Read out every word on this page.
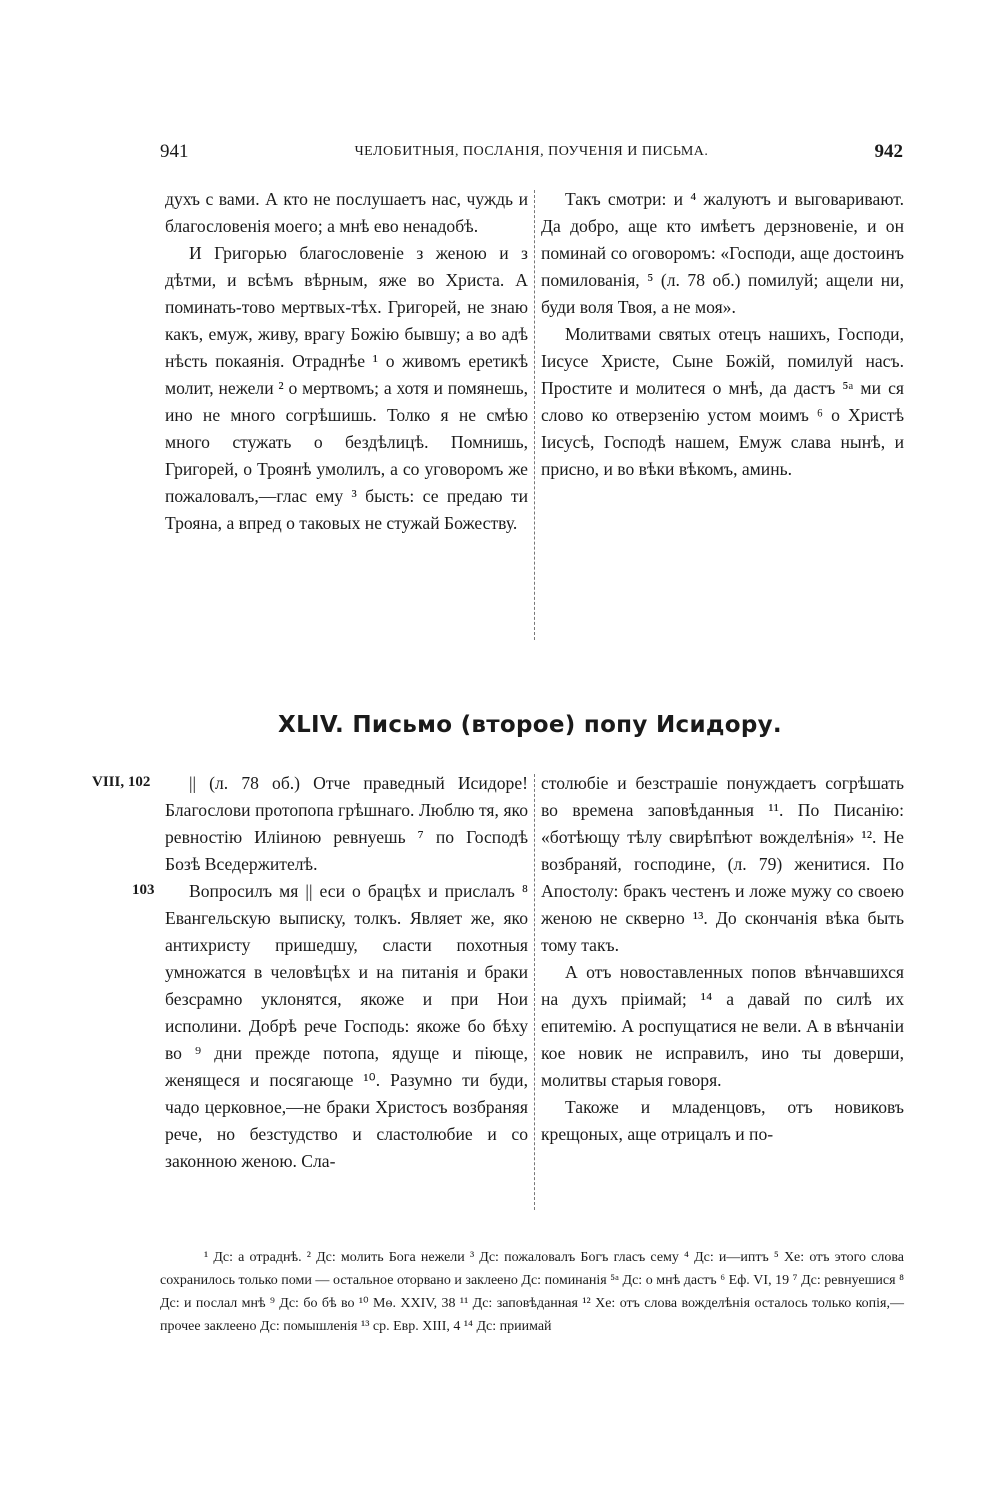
941	ЧЕЛОБИТНЫЯ, ПОСЛАНІЯ, ПОУЧЕНІЯ И ПИСЬМА.	942

духъ с вами. А кто не послушаетъ нас, чуждь и благословенія моего; а мнѣ ево ненадобѣ.

И Григорью благословеніе з женою и з дѣтми, и всѣмъ вѣрным, яже во Христа. А поминать-тово мертвых-тѣх. Григорей, не знаю какъ, емуж, живу, врагу Божію бывшу; а во адѣ нѣсть покаянія. Отраднѣе ¹ о живомъ еретикѣ молит, нежели ² о мертвомъ; а хотя и помянешь, ино не много согрѣшишь. Толко я не смѣю много стужать о бездѣлицѣ. Помнишь, Григорей, о Троянѣ умолилъ, а со уговоромъ же пожаловалъ,—глас ему ³ бысть: се предаю ти Трояна, а впред о таковых не стужай Божеству.

Такъ смотри: и ⁴ жалуютъ и выговаривают. Да добро, аще кто имѣетъ дерзновеніе, и он поминай со оговоромъ: «Господи, аще достоинъ помилованія, ⁵ (л. 78 об.) помилуй; ащели ни, буди воля Твоя, а не моя».

Молитвами святых отецъ нашихъ, Господи, Іисусе Христе, Сыне Божій, помилуй насъ. Простите и молитеся о мнѣ, да дастъ ⁵ᵃ ми ся слово ко отверзенію устом моимъ ⁶ о Христѣ Іисусѣ, Господѣ нашем, Емуж слава нынѣ, и присно, и во вѣки вѣкомъ, аминь.

XLIV. Письмо (второе) попу Исидору.
VIII, 102
103

|| (л. 78 об.) Отче праведный Исидоре! Благослови протопопа грѣшнаго. Люблю тя, яко ревностію Иліиною ревнуешь ⁷ по Господѣ Бозѣ Вседержителѣ.

Вопросилъ мя || еси о брацѣх и прислалъ ⁸ Евангельскую выписку, толкъ. Являет же, яко антихристу пришедшу, сласти похотныя умножатся в человѣцѣх и на питанія и браки безсрамно уклонятся, якоже и при Нои исполини. Добрѣ рече Господь: якоже бо бѣху во ⁹ дни прежде потопа, ядуще и піюще, женящеся и посягающе ¹⁰. Разумно ти буди, чадо церковное,—не браки Христосъ возбраняя рече, но безстудство и сластолюбие и со законною женою. Сла-

столюбіе и безстрашіе понуждаетъ согрѣшать во времена заповѣданныя ¹¹. По Писанію: «ботѣющу тѣлу свирѣпѣют вожделѣнія» ¹². Не возбраняй, господине, (л. 79) женитися. По Апостолу: бракъ честенъ и ложе мужу со своею женою не скверно ¹³. До скончанія вѣка быть тому такъ.

А отъ новоставленных попов вѣнчавшихся на духъ пріимай; ¹⁴ а давай по силѣ их епитемію. А роспущатися не вели. А в вѣнчаніи кое новик не исправилъ, ино ты доверши, молитвы старыя говоря.

Такоже и младенцовъ, отъ новиковъ крещоных, аще отрицалъ и по-

¹ Дс: а отраднѣ. ² Дс: молить Бога нежели ³ Дс: пожаловалъ Богъ гласъ сему ⁴ Дс: и—иптъ ⁵ Хе: отъ этого слова сохранилось только поми — остальное оторвано и заклеено Дс: поминанія ⁵ᵃ Дс: о мнѣ дастъ ⁶ Еф. VI, 19 ⁷ Дс: ревнуешися ⁸ Дс: и послал мнѣ ⁹ Дс: бо бѣ во ¹⁰ Мѳ. XXIV, 38 ¹¹ Дс: заповѣданная ¹² Хе: отъ слова вожделѣнія осталось только копія,—прочее заклеено Дс: помышленія ¹³ ср. Евр. XIII, 4 ¹⁴ Дс: приимай
